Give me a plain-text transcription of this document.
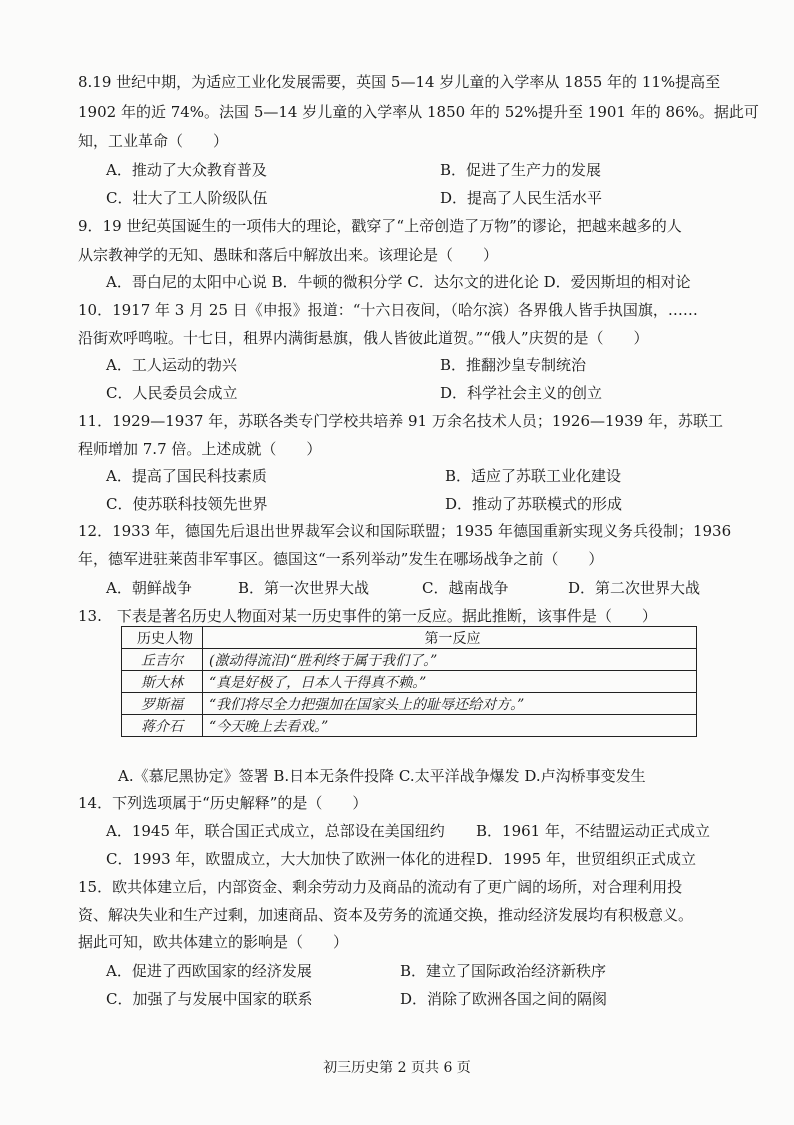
8.19 世纪中期，为适应工业化发展需要，英国 5—14 岁儿童的入学率从 1855 年的 11%提高至
1902 年的近 74%。法国 5—14 岁儿童的入学率从 1850 年的 52%提升至 1901 年的 86%。据此可
知，工业革命（　　）
A．推动了大众教育普及	B．促进了生产力的发展
C．壮大了工人阶级队伍	D．提高了人民生活水平
9．19 世纪英国诞生的一项伟大的理论，戳穿了“上帝创造了万物”的谬论，把越来越多的人
从宗教神学的无知、愚昧和落后中解放出来。该理论是（　　）
A．哥白尼的太阳中心说 B．牛顿的微积分学 C．达尔文的进化论 D．爱因斯坦的相对论
10．1917 年 3 月 25 日《申报》报道：“十六日夜间，（哈尔滨）各界俄人皆手执国旗，……
沿街欢呼鸣啦。十七日，租界内满街悬旗，俄人皆彼此道贺。”“俄人”庆贺的是（　　）
A．工人运动的勃兴	B．推翻沙皇专制统治
C．人民委员会成立	D．科学社会主义的创立
11．1929—1937 年，苏联各类专门学校共培养 91 万余名技术人员；1926—1939 年，苏联工
程师增加 7.7 倍。上述成就（　　）
A．提高了国民科技素质	B．适应了苏联工业化建设
C．使苏联科技领先世界	D．推动了苏联模式的形成
12．1933 年，德国先后退出世界裁军会议和国际联盟；1935 年德国重新实现义务兵役制；1936
年，德军进驻莱茵非军事区。德国这“一系列举动”发生在哪场战争之前（　　）
A．朝鲜战争	B．第一次世界大战	C．越南战争	D．第二次世界大战
13.　下表是著名历史人物面对某一历史事件的第一反应。据此推断，该事件是（　　）
历史人物	第一反应
丘吉尔	(激动得流泪)“胜利终于属于我们了。”
斯大林	“真是好极了，日本人干得真不赖。”
罗斯福	“我们将尽全力把强加在国家头上的耻辱还给对方。”
蒋介石	“今天晚上去看戏。”
A.《慕尼黑协定》签署 B.日本无条件投降 C.太平洋战争爆发 D.卢沟桥事变发生
14．下列选项属于“历史解释”的是（　　）
A．1945 年，联合国正式成立，总部设在美国纽约 B．1961 年，不结盟运动正式成立
C．1993 年，欧盟成立，大大加快了欧洲一体化的进程 D．1995 年，世贸组织正式成立
15．欧共体建立后，内部资金、剩余劳动力及商品的流动有了更广阔的场所，对合理利用投
资、解决失业和生产过剩，加速商品、资本及劳务的流通交换，推动经济发展均有积极意义。
据此可知，欧共体建立的影响是（　　）
A．促进了西欧国家的经济发展	B．建立了国际政治经济新秩序
C．加强了与发展中国家的联系	D．消除了欧洲各国之间的隔阂
初三历史第 2 页共 6 页
